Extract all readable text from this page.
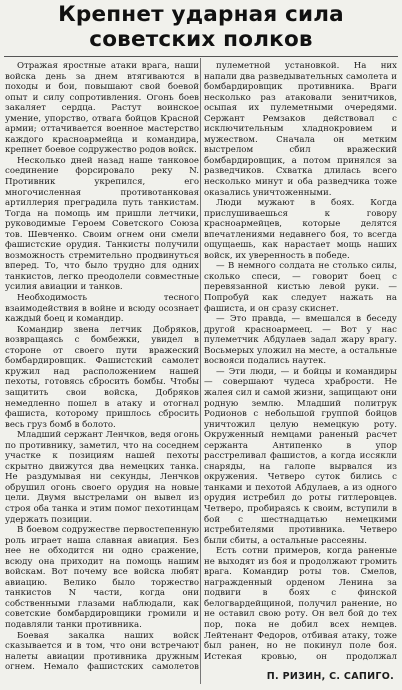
Крепнет ударная сила
советских полков

Отражая яростные атаки врага, наши войска день за днем втягиваются в походы и бои, повышают свой боевой опыт и силу сопротивления. Огонь боев закаляет сердца. Растут воинское умение, упорство, отвага бойцов Красной армии; оттачивается военное мастерство каждого красноармейца и командира, крепнет боевое содружество родов войск.

Несколько дней назад наше танковое соединение форсировало реку N. Противник укрепился, его многочисленная противотанковая артиллерия преградила путь танкистам. Тогда на помощь им пришли летчики, руководимые Героем Советского Союза тов. Шевченко. Своим огнем они смели фашистские орудия. Танкисты получили возможность стремительно продвинуться вперед. То, что было трудно для одних танкистов, легко преодолели совместные усилия авиации и танков.

Необходимость тесного взаимодействия в войне и всюду осознает каждый боец и командир.

Командир звена летчик Добряков, возвращаясь с бомбежки, увидел в стороне от своего пути вражеский бомбардировщик. Фашистский самолет кружил над расположением нашей пехоты, готовясь сбросить бомбы. Чтобы защитить свои войска, Добряков немедленно пошел в атаку и отогнал фашиста, которому пришлось сбросить весь груз бомб в болото.

Младший сержант Ленчков, ведя огонь по противнику, заметил, что на соседнем участке к позициям нашей пехоты скрытно движутся два немецких танка. Не раздумывая ни секунды, Ленчков обрушил огонь своего орудия на новые цели. Двумя выстрелами он вывел из строя оба танка и этим помог пехотинцам удержать позиции.

В боевом содружестве первостепенную роль играет наша славная авиация. Без нее не обходится ни одно сражение, всюду она приходит на помощь нашим войскам. Вот почему все войска любят авиацию. Велико было торжество танкистов N части, когда они собственными глазами наблюдали, как советские бомбардировщики громили и подавляли танки противника.

Боевая закалка наших войск сказывается и в том, что они встречают налеты авиации противника дружным огнем. Немало фашистских самолетов

пулеметной установкой. На них напали два разведывательных самолета и бомбардировщик противника. Враги несколько раз атаковали зенитчиков, осыпая их пулеметными очередями. Сержант Ремзаков действовал с исключительным хладнокровием и мужеством. Сначала он метким выстрелом сбил вражеский бомбардировщик, а потом принялся за разведчиков. Схватка длилась всего несколько минут и оба разведчика тоже оказались уничтоженными.

Люди мужают в боях. Когда прислушиваешься к говору красноармейцев, которые делятся впечатлениями недавнего боя, то всегда ощущаешь, как нарастает мощь наших войск, их уверенность в победе.

— В немного солдата не столько силы, сколько спеси, — говорит боец с перевязанной кистью левой руки. — Попробуй как следует нажать на фашиста, и он сразу скиснет.

— Это правда, — вмешался в беседу другой красноармеец. — Вот у нас пулеметчик Абдулаев задал жару врагу. Восьмерых уложил на месте, а остальные восвояси подались наутек.

— Эти люди, — и бойцы и командиры — совершают чудеса храбрости. Не жалея сил и самой жизни, защищают они родную землю. Младший политрук Родионов с небольшой группой бойцов уничтожил целую немецкую роту. Окруженный немцами раненый расчет сержанта Антипенко в упор расстреливал фашистов, а когда иссякли снаряды, на галопе вырвался из окружения. Четверо суток бились с танками и пехотой Абдулаев, а из одного орудия истребил до роты гитлеровцев. Четверо, пробираясь к своим, вступили в бой с шестнадцатью немецкими истребителями противника. Четверо были сбиты, а остальные рассеяны.

Есть сотни примеров, когда раненые не выходят из боя и продолжают громить врага. Командир роты тов. Смелов, награжденный орденом Ленина за подвиги в боях с финской белогвардейщиной, получил ранение, но не оставил свою роту. Он вел бой до тех пор, пока не добил всех немцев. Лейтенант Федоров, отбивая атаку, тоже был ранен, но не покинул поле боя. Истекая кровью, он продолжал

П. РИЗИН, С. САПИГО.
